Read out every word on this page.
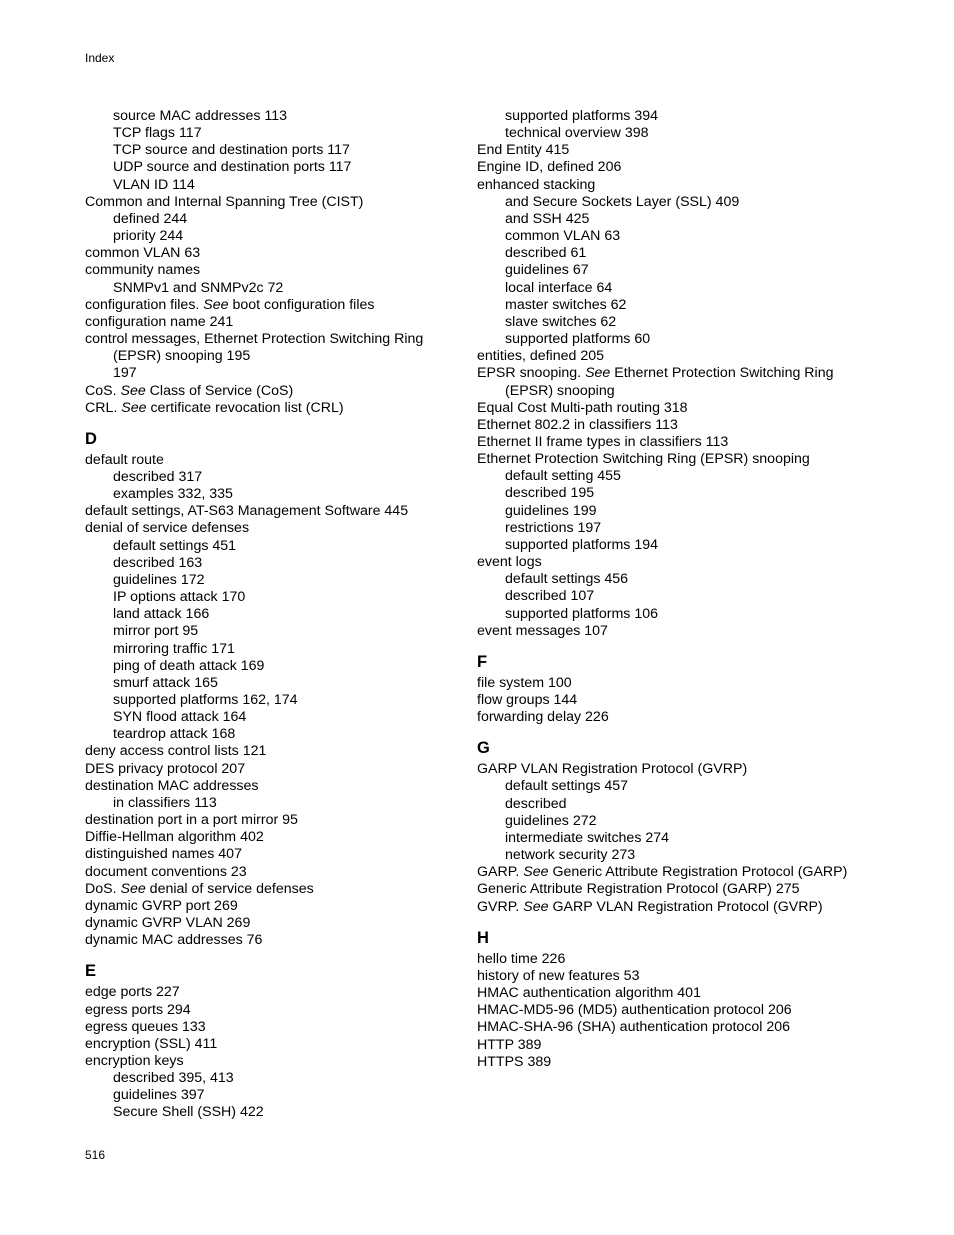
Index
source MAC addresses 113
TCP flags 117
TCP source and destination ports 117
UDP source and destination ports 117
VLAN ID 114
Common and Internal Spanning Tree (CIST)
defined 244
priority 244
common VLAN 63
community names
SNMPv1 and SNMPv2c 72
configuration files. See boot configuration files
configuration name 241
control messages, Ethernet Protection Switching Ring
(EPSR) snooping 195
197
CoS. See Class of Service (CoS)
CRL. See certificate revocation list (CRL)
D
default route
described 317
examples 332, 335
default settings, AT-S63 Management Software 445
denial of service defenses
default settings 451
described 163
guidelines 172
IP options attack 170
land attack 166
mirror port 95
mirroring traffic 171
ping of death attack 169
smurf attack 165
supported platforms 162, 174
SYN flood attack 164
teardrop attack 168
deny access control lists 121
DES privacy protocol 207
destination MAC addresses
in classifiers 113
destination port in a port mirror 95
Diffie-Hellman algorithm 402
distinguished names 407
document conventions 23
DoS. See denial of service defenses
dynamic GVRP port 269
dynamic GVRP VLAN 269
dynamic MAC addresses 76
E
edge ports 227
egress ports 294
egress queues 133
encryption (SSL) 411
encryption keys
described 395, 413
guidelines 397
Secure Shell (SSH) 422
supported platforms 394
technical overview 398
End Entity 415
Engine ID, defined 206
enhanced stacking
and Secure Sockets Layer (SSL) 409
and SSH 425
common VLAN 63
described 61
guidelines 67
local interface 64
master switches 62
slave switches 62
supported platforms 60
entities, defined 205
EPSR snooping. See Ethernet Protection Switching Ring
(EPSR) snooping
Equal Cost Multi-path routing 318
Ethernet 802.2 in classifiers 113
Ethernet II frame types in classifiers 113
Ethernet Protection Switching Ring (EPSR) snooping
default setting 455
described 195
guidelines 199
restrictions 197
supported platforms 194
event logs
default settings 456
described 107
supported platforms 106
event messages 107
F
file system 100
flow groups 144
forwarding delay 226
G
GARP VLAN Registration Protocol (GVRP)
default settings 457
described
guidelines 272
intermediate switches 274
network security 273
GARP. See Generic Attribute Registration Protocol (GARP)
Generic Attribute Registration Protocol (GARP) 275
GVRP. See GARP VLAN Registration Protocol (GVRP)
H
hello time 226
history of new features 53
HMAC authentication algorithm 401
HMAC-MD5-96 (MD5) authentication protocol 206
HMAC-SHA-96 (SHA) authentication protocol 206
HTTP 389
HTTPS 389
516
